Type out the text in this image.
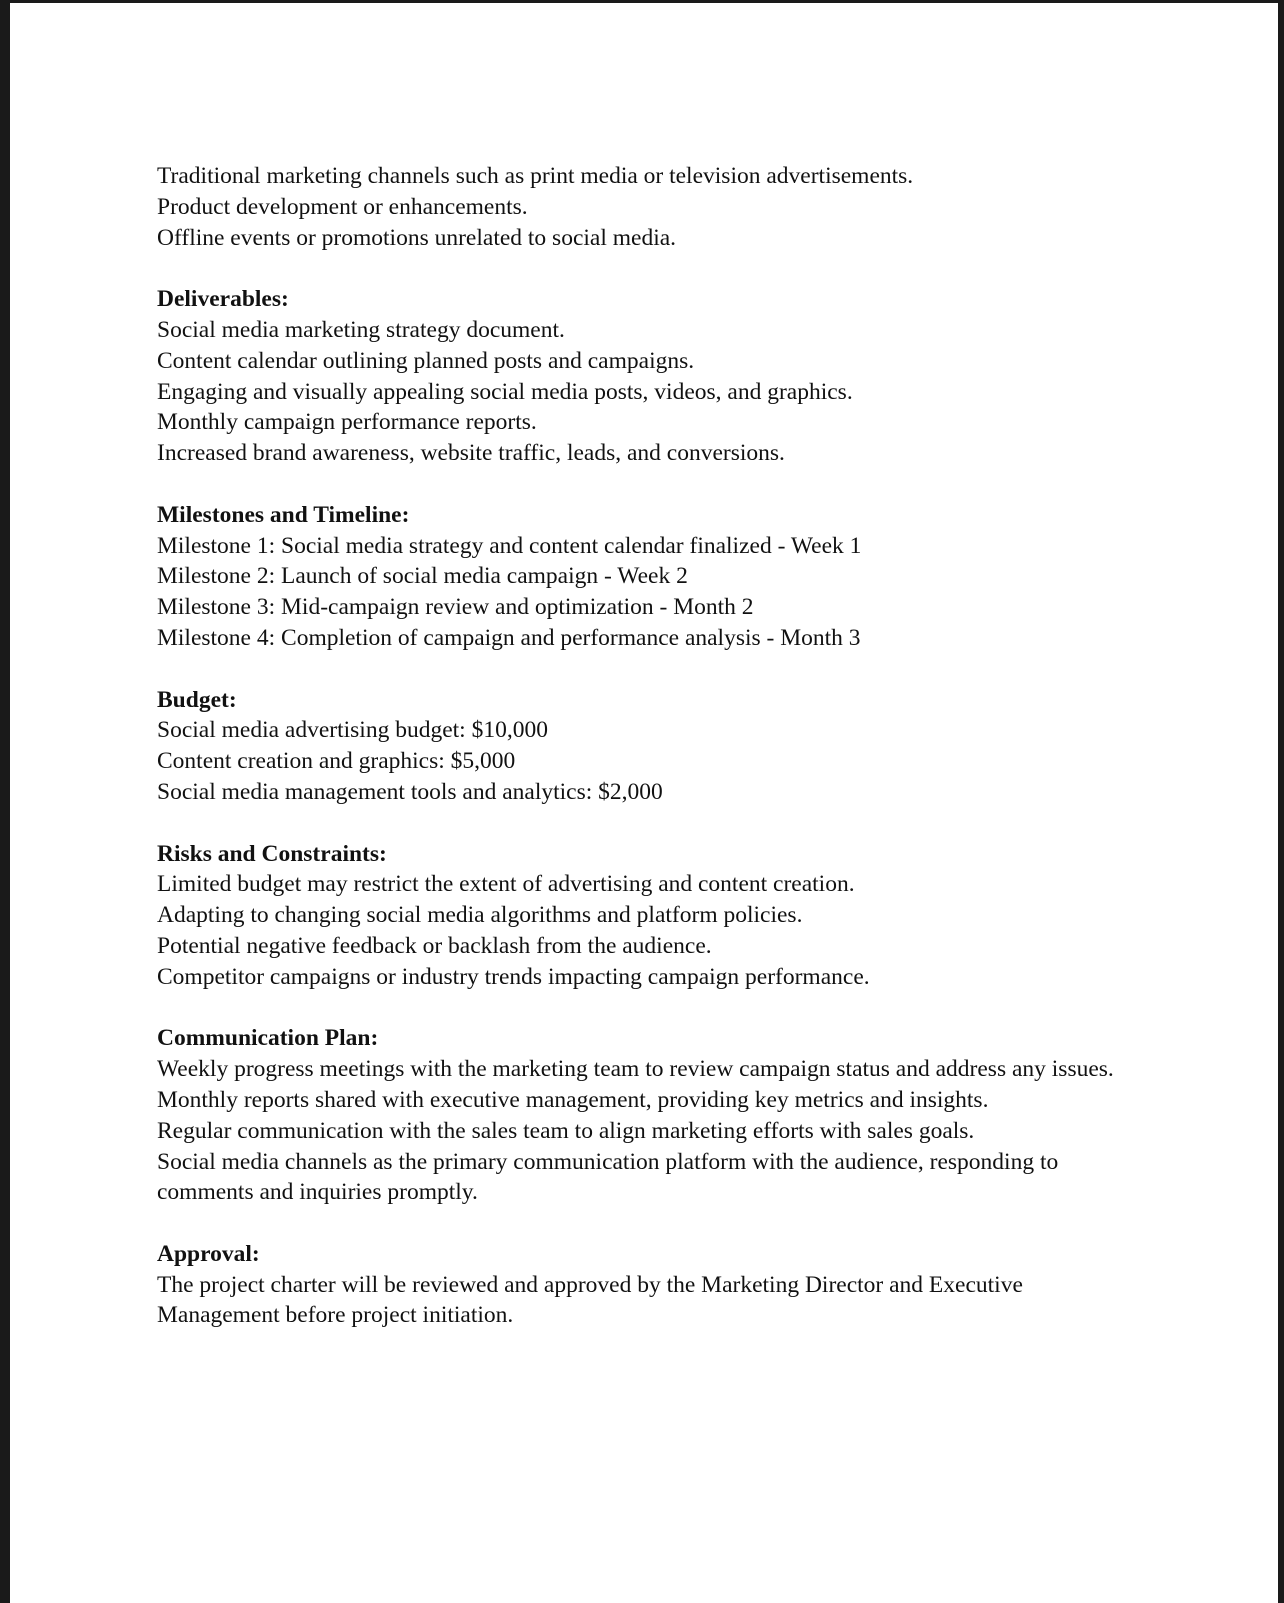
Traditional marketing channels such as print media or television advertisements.

Product development or enhancements.

Offline events or promotions unrelated to social media.

Deliverables:

Social media marketing strategy document.

Content calendar outlining planned posts and campaigns.

Engaging and visually appealing social media posts, videos, and graphics.

Monthly campaign performance reports.

Increased brand awareness, website traffic, leads, and conversions.

Milestones and Timeline:

Milestone 1: Social media strategy and content calendar finalized - Week 1

Milestone 2: Launch of social media campaign - Week 2

Milestone 3: Mid-campaign review and optimization - Month 2

Milestone 4: Completion of campaign and performance analysis - Month 3

Budget:

Social media advertising budget: $10,000

Content creation and graphics: $5,000

Social media management tools and analytics: $2,000

Risks and Constraints:

Limited budget may restrict the extent of advertising and content creation.

Adapting to changing social media algorithms and platform policies.

Potential negative feedback or backlash from the audience.

Competitor campaigns or industry trends impacting campaign performance.

Communication Plan:

Weekly progress meetings with the marketing team to review campaign status and address any issues.

Monthly reports shared with executive management, providing key metrics and insights.

Regular communication with the sales team to align marketing efforts with sales goals.

Social media channels as the primary communication platform with the audience, responding to comments and inquiries promptly.

Approval:

The project charter will be reviewed and approved by the Marketing Director and Executive Management before project initiation.
